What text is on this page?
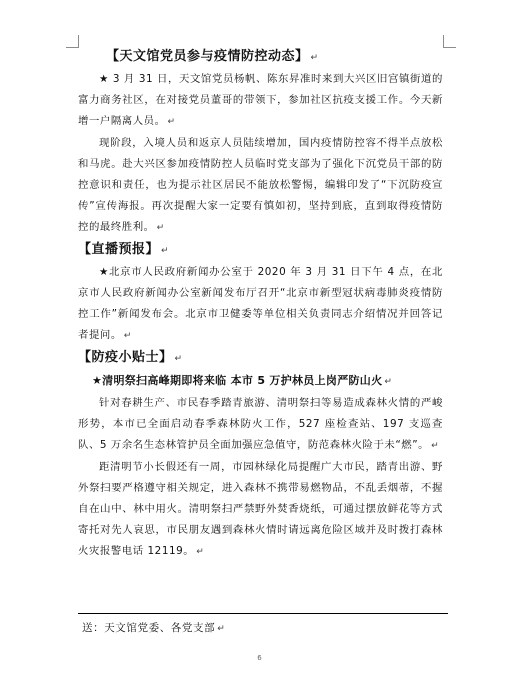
【天文馆党员参与疫情防控动态】 ↵

★ 3 月 31 日，天文馆党员杨帆、陈东昇准时来到大兴区旧宫镇街道的富力商务社区，在对接党员董哥的带领下，参加社区抗疫支援工作。今天新增一户隔离人员。 ↵

现阶段，入境人员和返京人员陆续增加，国内疫情防控容不得半点放松和马虎。赴大兴区参加疫情防控人员临时党支部为了强化下沉党员干部的防控意识和责任，也为提示社区居民不能放松警惕，编辑印发了“下沉防疫宣传”宣传海报。再次提醒大家一定要有慎如初，坚持到底，直到取得疫情防控的最终胜利。 ↵

【直播预报】 ↵

★北京市人民政府新闻办公室于 2020 年 3 月 31 日下午 4 点，在北京市人民政府新闻办公室新闻发布厅召开“北京市新型冠状病毒肺炎疫情防控工作”新闻发布会。北京市卫健委等单位相关负责同志介绍情况并回答记者提问。 ↵

【防疫小贴士】 ↵

★清明祭扫高峰期即将来临 本市 5 万护林员上岗严防山火 ↵

针对春耕生产、市民春季踏青旅游、清明祭扫等易造成森林火情的严峻形势，本市已全面启动春季森林防火工作，527 座检查站、197 支巡查队、5 万余名生态林管护员全面加强应急值守，防范森林火险于未“燃”。 ↵

距清明节小长假还有一周，市园林绿化局提醒广大市民，踏青出游、野外祭扫要严格遵守相关规定，进入森林不携带易燃物品，不乱丢烟蒂，不握自在山中、林中用火。清明祭扫严禁野外焚香烧纸，可通过摆放鲜花等方式寄托对先人哀思，市民朋友遇到森林火情时请远离危险区域并及时拨打森林火灾报警电话 12119。 ↵

送：天文馆党委、各党支部 ↵

6
